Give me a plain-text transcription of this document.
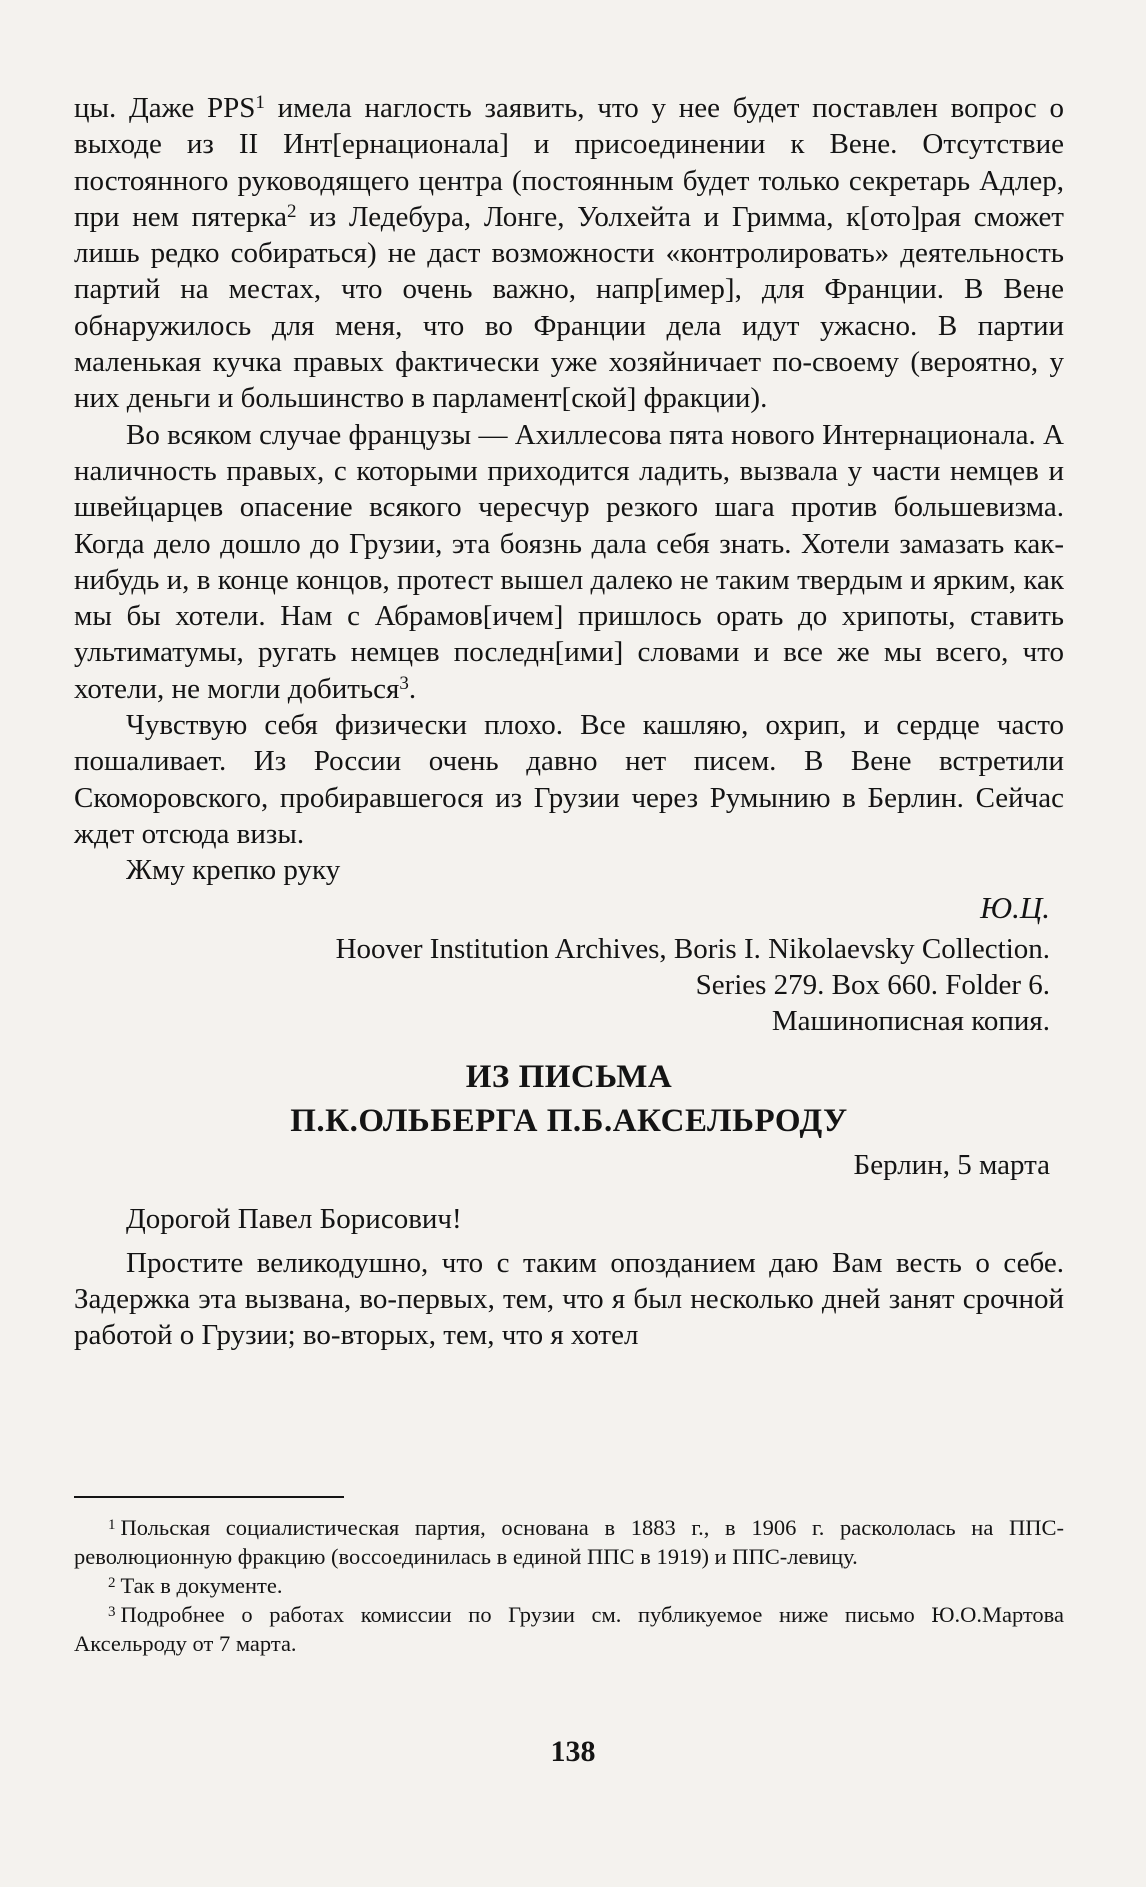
цы. Даже PPS$^1$ имела наглость заявить, что у нее будет поставлен вопрос о выходе из II Инт[ернационала] и присоединении к Вене. Отсутствие постоянного руководящего центра (постоянным будет только секретарь Адлер, при нем пятерка$^2$ из Ледебура, Лонге, Уолхейта и Гримма, к[ото]рая сможет лишь редко собираться) не даст возможности «контролировать» деятельность партий на местах, что очень важно, напр[имер], для Франции. В Вене обнаружилось для меня, что во Франции дела идут ужасно. В партии маленькая кучка правых фактически уже хозяйничает по-своему (вероятно, у них деньги и большинство в парламент[ской] фракции).

Во всяком случае французы — Ахиллесова пята нового Интернационала. А наличность правых, с которыми приходится ладить, вызвала у части немцев и швейцарцев опасение всякого чересчур резкого шага против большевизма. Когда дело дошло до Грузии, эта боязнь дала себя знать. Хотели замазать как-нибудь и, в конце концов, протест вышел далеко не таким твердым и ярким, как мы бы хотели. Нам с Абрамов[ичем] пришлось орать до хрипоты, ставить ультиматумы, ругать немцев последн[ими] словами и все же мы всего, что хотели, не могли добиться$^3$.

Чувствую себя физически плохо. Все кашляю, охрип, и сердце часто пошаливает. Из России очень давно нет писем. В Вене встретили Скоморовского, пробиравшегося из Грузии через Румынию в Берлин. Сейчас ждет отсюда визы.

Жму крепко руку

Ю.Ц.

Hoover Institution Archives, Boris I. Nikolaevsky Collection.

Series 279. Box 660. Folder 6.

Машинописная копия.

ИЗ ПИСЬМА

П.К.ОЛЬБЕРГА П.Б.АКСЕЛЬРОДУ

Берлин, 5 марта

Дорогой Павел Борисович!

Простите великодушно, что с таким опозданием даю Вам весть о себе. Задержка эта вызвана, во-первых, тем, что я был несколько дней занят срочной работой о Грузии; во-вторых, тем, что я хотел

$^1$ Польская социалистическая партия, основана в 1883 г., в 1906 г. раскололась на ППС-революционную фракцию (воссоединилась в единой ППС в 1919) и ППС-левицу.

$^2$ Так в документе.

$^3$ Подробнее о работах комиссии по Грузии см. публикуемое ниже письмо Ю.О.Мартова Аксельроду от 7 марта.

138
